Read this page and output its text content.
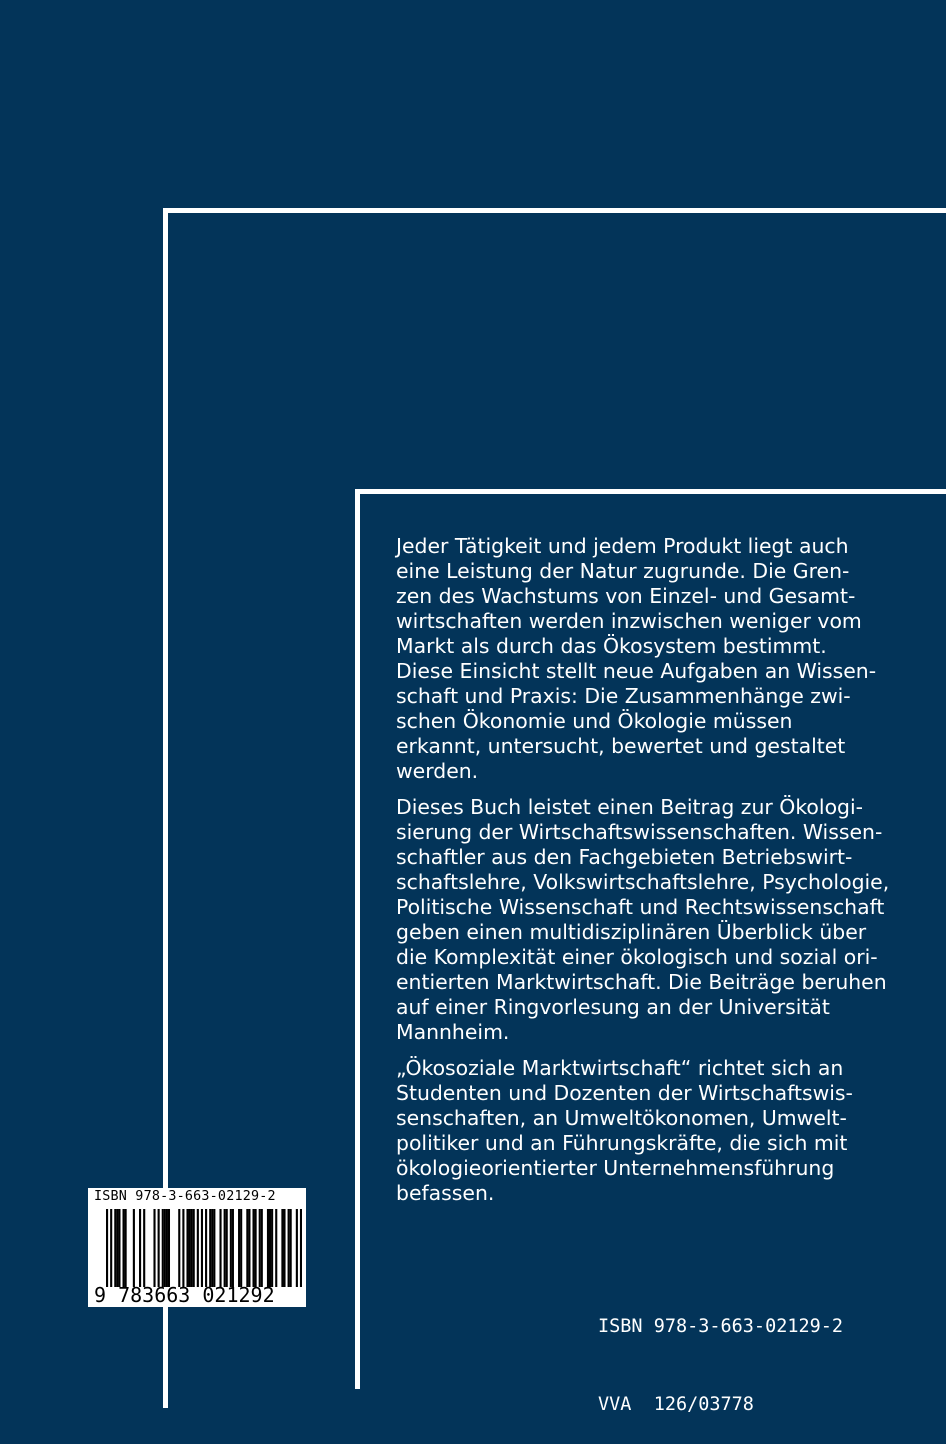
Jeder Tätigkeit und jedem Produkt liegt auch
eine Leistung der Natur zugrunde. Die Gren-
zen des Wachstums von Einzel- und Gesamt-
wirtschaften werden inzwischen weniger vom
Markt als durch das Ökosystem bestimmt.
Diese Einsicht stellt neue Aufgaben an Wissen-
schaft und Praxis: Die Zusammenhänge zwi-
schen Ökonomie und Ökologie müssen
erkannt, untersucht, bewertet und gestaltet
werden.

Dieses Buch leistet einen Beitrag zur Ökologi-
sierung der Wirtschaftswissenschaften. Wissen-
schaftler aus den Fachgebieten Betriebswirt-
schaftslehre, Volkswirtschaftslehre, Psychologie,
Politische Wissenschaft und Rechtswissenschaft
geben einen multidisziplinären Überblick über
die Komplexität einer ökologisch und sozial ori-
entierten Marktwirtschaft. Die Beiträge beruhen
auf einer Ringvorlesung an der Universität
Mannheim.

„Ökosoziale Marktwirtschaft“ richtet sich an
Studenten und Dozenten der Wirtschaftswis-
senschaften, an Umweltökonomen, Umwelt-
politiker und an Führungskräfte, die sich mit
ökologieorientierter Unternehmensführung
befassen.

ISBN 978-3-663-02129-2

VVA  126/03778

ISBN 978-3-663-02129-2
9 783663 021292
